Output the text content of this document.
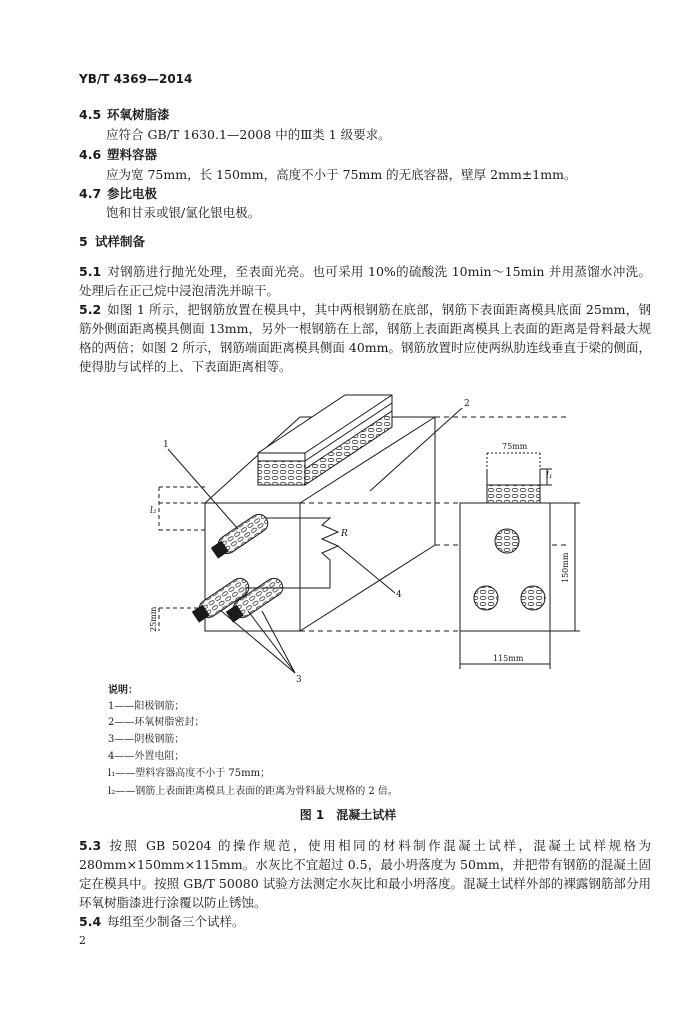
YB/T 4369—2014
4.5 环氧树脂漆
应符合 GB/T 1630.1—2008 中的Ⅲ类 1 级要求。
4.6 塑料容器
应为宽 75mm，长 150mm，高度不小于 75mm 的无底容器，壁厚 2mm±1mm。
4.7 参比电极
饱和甘汞或银/氯化银电极。
5 试样制备
5.1 对钢筋进行抛光处理，至表面光亮。也可采用 10%的硫酸洗 10min～15min 并用蒸馏水冲洗。处理后在正己烷中浸泡清洗并晾干。
5.2 如图 1 所示，把钢筋放置在模具中，其中两根钢筋在底部，钢筋下表面距离模具底面 25mm，钢筋外侧面距离模具侧面 13mm，另外一根钢筋在上部，钢筋上表面距离模具上表面的距离是骨料最大规格的两倍；如图 2 所示，钢筋端面距离模具侧面 40mm。钢筋放置时应使两纵肋连线垂直于梁的侧面，使得肋与试样的上、下表面距离相等。
1
2
4
3
R
l₁
l₂
75mm
115mm
150mm
25mm
说明：
1——阳极钢筋；
2——环氧树脂密封；
3——阴极钢筋；
4——外置电阻；
l₁——塑料容器高度不小于 75mm；
l₂——钢筋上表面距离模具上表面的距离为骨料最大规格的 2 倍。
图 1　混凝土试样
5.3 按照 GB 50204 的操作规范，使用相同的材料制作混凝土试样，混凝土试样规格为 280mm×150mm×115mm。水灰比不宜超过 0.5，最小坍落度为 50mm，并把带有钢筋的混凝土固定在模具中。按照 GB/T 50080 试验方法测定水灰比和最小坍落度。混凝土试样外部的裸露钢筋部分用环氧树脂漆进行涂覆以防止锈蚀。
5.4 每组至少制备三个试样。
2
